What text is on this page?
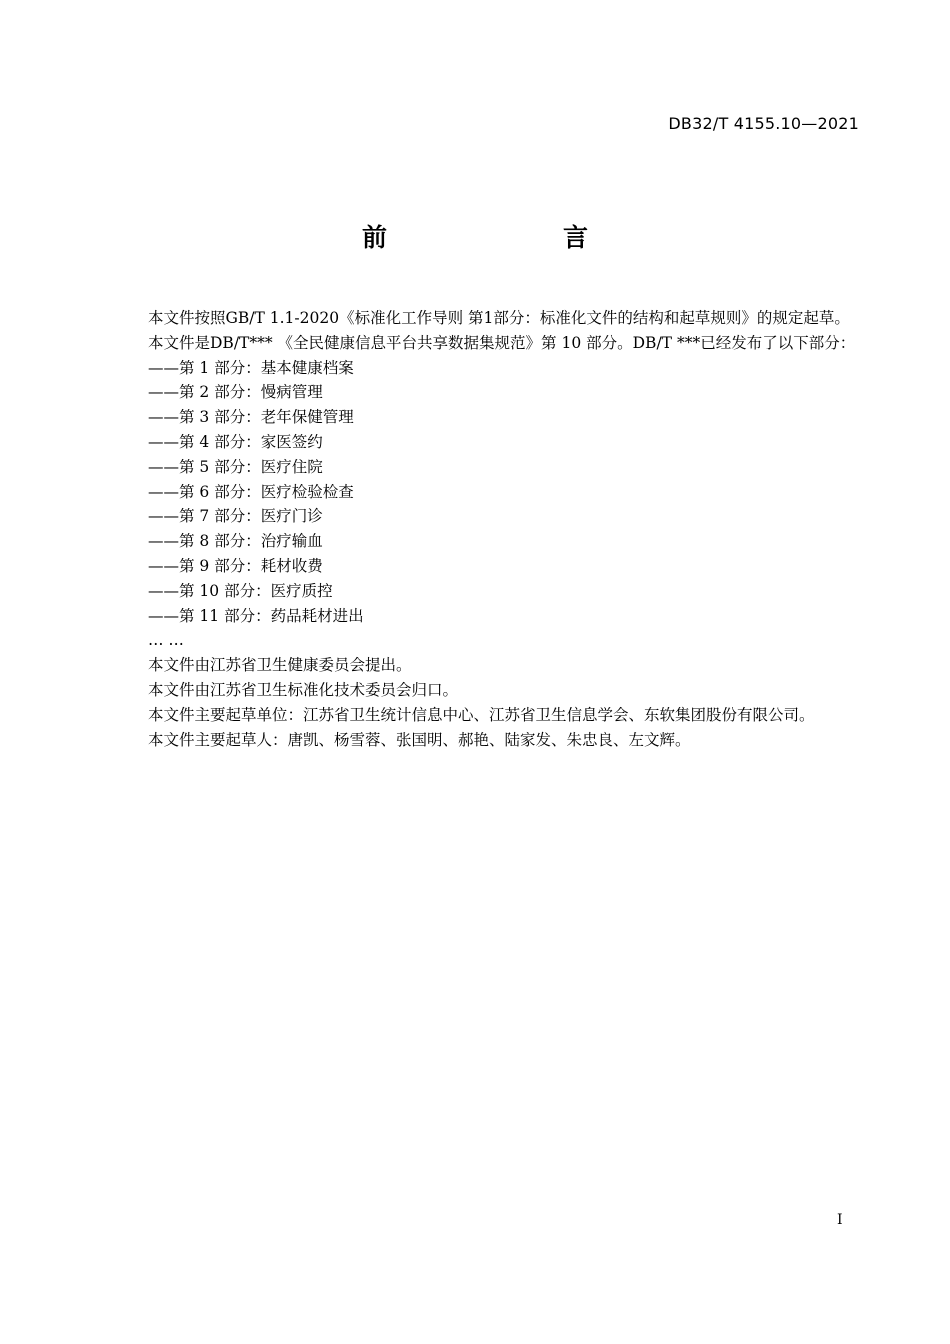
DB32/T 4155.10—2021
前　　言

本文件按照GB/T 1.1-2020《标准化工作导则 第1部分：标准化文件的结构和起草规则》的规定起草。

本文件是DB/T*** 《全民健康信息平台共享数据集规范》第 10 部分。DB/T ***已经发布了以下部分：

——第 1 部分：基本健康档案

——第 2 部分：慢病管理

——第 3 部分：老年保健管理

——第 4 部分：家医签约

——第 5 部分：医疗住院

——第 6 部分：医疗检验检查

——第 7 部分：医疗门诊

——第 8 部分：治疗输血

——第 9 部分：耗材收费

——第 10 部分：医疗质控

——第 11 部分：药品耗材进出

… …

本文件由江苏省卫生健康委员会提出。

本文件由江苏省卫生标准化技术委员会归口。

本文件主要起草单位：江苏省卫生统计信息中心、江苏省卫生信息学会、东软集团股份有限公司。

本文件主要起草人：唐凯、杨雪蓉、张国明、郝艳、陆家发、朱忠良、左文辉。

I
